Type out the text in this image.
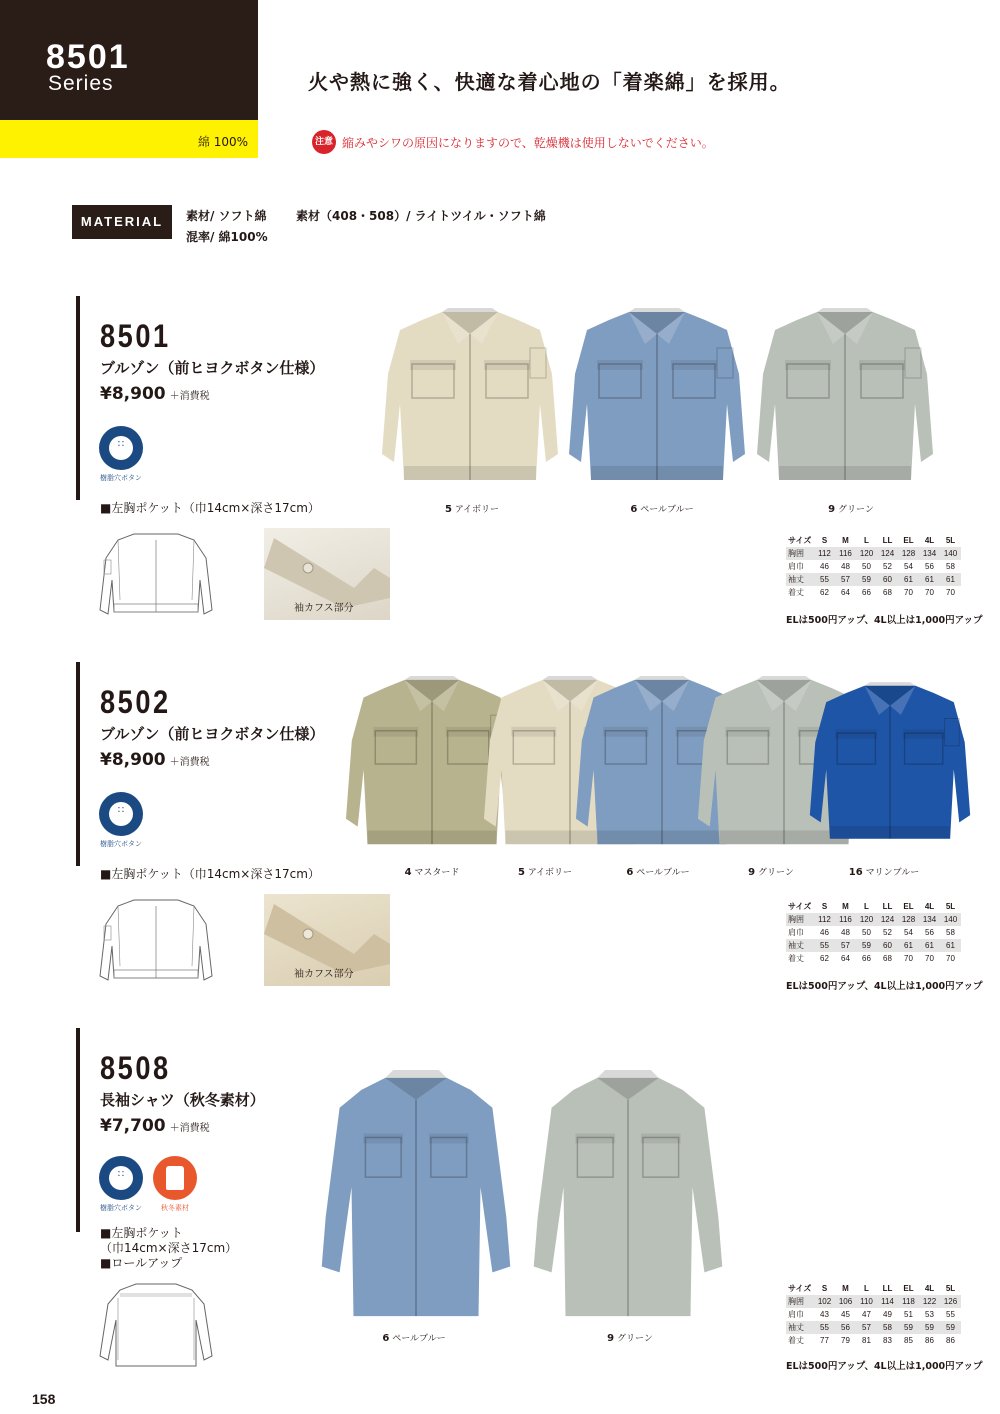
8501
Series
綿 100%
火や熱に強く、快適な着心地の「着楽綿」を採用。
注意 縮みやシワの原因になりますので、乾燥機は使用しないでください。
MATERIAL	素材/ ソフト綿 素材（408・508）/ ライトツイル・ソフト綿
混率/ 綿100%
8501
ブルゾン（前ヒヨクボタン仕様）
¥8,900 ＋消費税
∷
樹脂穴ボタン
■左胸ポケット（巾14cm×深さ17cm）	5 アイボリー	6 ペールブルー	9 グリーン
袖カフス部分
サイズ	S	M	L	LL	EL	4L	5L
胸囲	112	116	120	124	128	134	140
肩巾	46	48	50	52	54	56	58
袖丈	55	57	59	60	61	61	61
着丈	62	64	66	68	70	70	70
ELは500円アップ、4L以上は1,000円アップ
8502
ブルゾン（前ヒヨクボタン仕様）
¥8,900 ＋消費税
∷
樹脂穴ボタン
■左胸ポケット（巾14cm×深さ17cm）	4 マスタード	5 アイボリー	6 ペールブルー	9 グリーン	16 マリンブルー
袖カフス部分
サイズ	S	M	L	LL	EL	4L	5L
胸囲	112	116	120	124	128	134	140
肩巾	46	48	50	52	54	56	58
袖丈	55	57	59	60	61	61	61
着丈	62	64	66	68	70	70	70
ELは500円アップ、4L以上は1,000円アップ
8508
長袖シャツ（秋冬素材）
¥7,700 ＋消費税
∷
樹脂穴ボタン	秋冬素材
■左胸ポケット
（巾14cm×深さ17cm）
■ロールアップ
6 ペールブルー	9 グリーン
サイズ	S	M	L	LL	EL	4L	5L
胸囲	102	106	110	114	118	122	126
肩巾	43	45	47	49	51	53	55
袖丈	55	56	57	58	59	59	59
着丈	77	79	81	83	85	86	86
ELは500円アップ、4L以上は1,000円アップ
158
